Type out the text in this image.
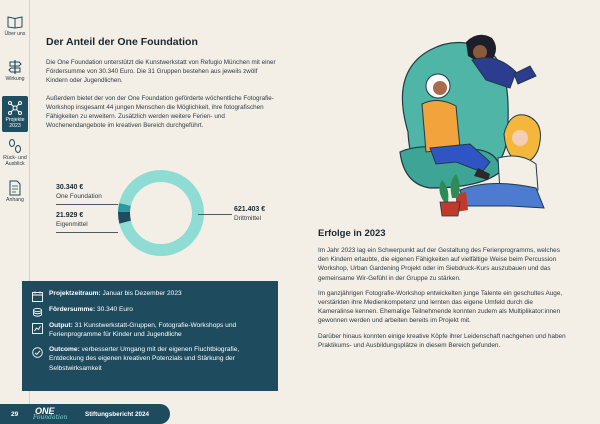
Über uns
Wirkung
Projekte 2023
Rück- und Ausblick
Anhang
Der Anteil der One Foundation

Die One Foundation unterstützt die Kunstwerkstatt von Refugio München mit einer Fördersumme von 30.340 Euro. Die 31 Gruppen bestehen aus jeweils zwölf Kindern oder Jugendlichen.

Außerdem bietet der von der One Foundation geförderte wöchentliche Fotografie-Workshop insgesamt 44 jungen Menschen die Möglichkeit, ihre fotografischen Fähigkeiten zu erweitern. Zusätzlich werden weitere Ferien- und Wochenendangebote im kreativen Bereich durchgeführt.

30.340 €
One Foundation
21.929 €
Eigenmittel
621.403 €
Drittmittel
Projektzeitraum: Januar bis Dezember 2023
Fördersumme: 30.340 Euro
Output: 31 Kunstwerkstatt-Gruppen, Fotografie-Workshops und Ferienprogramme für Kinder und Jugendliche
Outcome: verbesserter Umgang mit der eigenen Fluchtbiografie, Entdeckung des eigenen kreativen Potenzials und Stärkung der Selbstwirksamkeit
29	ONE
Foundation	Stiftungsbericht 2024
Erfolge in 2023

Im Jahr 2023 lag ein Schwerpunkt auf der Gestaltung des Ferienprogramms, welches den Kindern erlaubte, die eigenen Fähigkeiten auf vielfältige Weise beim Percussion Workshop, Urban Gardening Projekt oder im Siebdruck-Kurs auszubauen und das gemeinsame Wir-Gefühl in der Gruppe zu stärken.

Im ganzjährigen Fotografie-Workshop entwickelten junge Talente ein geschultes Auge, verstärkten ihre Medienkompetenz und lernten das eigene Umfeld durch die Kameralinse kennen. Ehemalige Teilnehmende konnten zudem als Multiplikator:innen gewonnen werden und arbeiten bereits im Projekt mit.

Darüber hinaus konnten einige kreative Köpfe ihrer Leidenschaft nachgehen und haben Praktikums- und Ausbildungsplätze in diesem Bereich gefunden.
